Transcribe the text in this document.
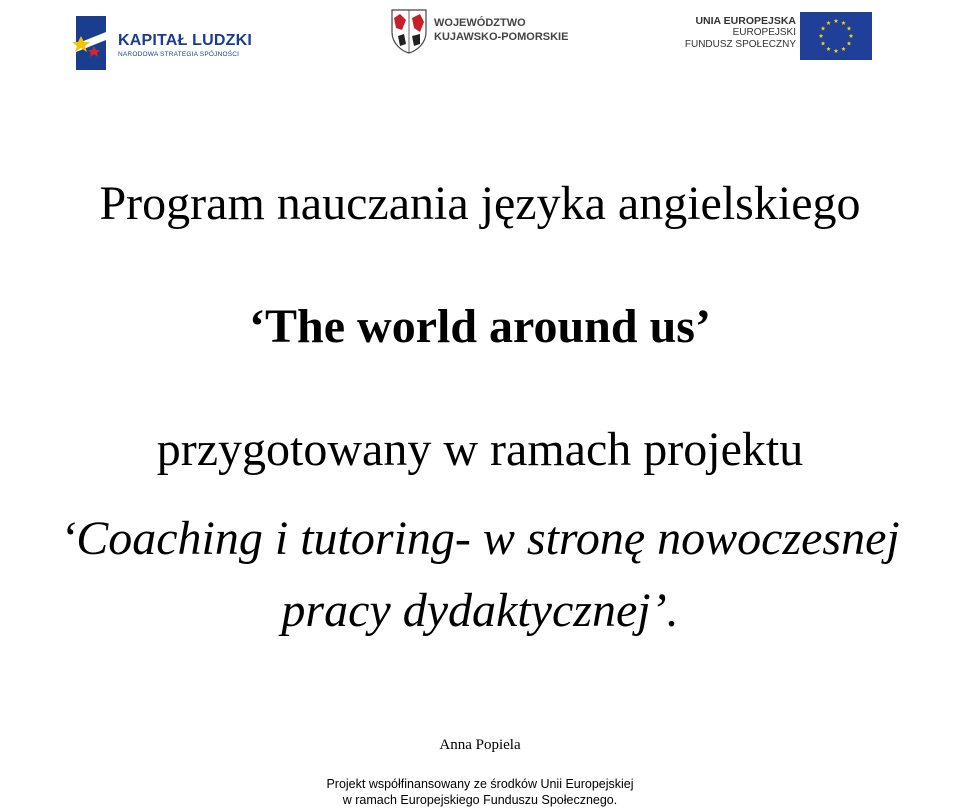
KAPITAŁ LUDZKI
NARODOWA STRATEGIA SPÓJNOŚCI
WOJEWÓDZTWO
KUJAWSKO-POMORSKIE
UNIA EUROPEJSKA
EUROPEJSKI
FUNDUSZ SPOŁECZNY
Program nauczania języka angielskiego
‘The world around us’
przygotowany w ramach projektu
‘Coaching i tutoring- w stronę nowoczesnej
pracy dydaktycznej’.
Anna Popiela
Projekt współfinansowany ze środków Unii Europejskiej
w ramach Europejskiego Funduszu Społecznego.
